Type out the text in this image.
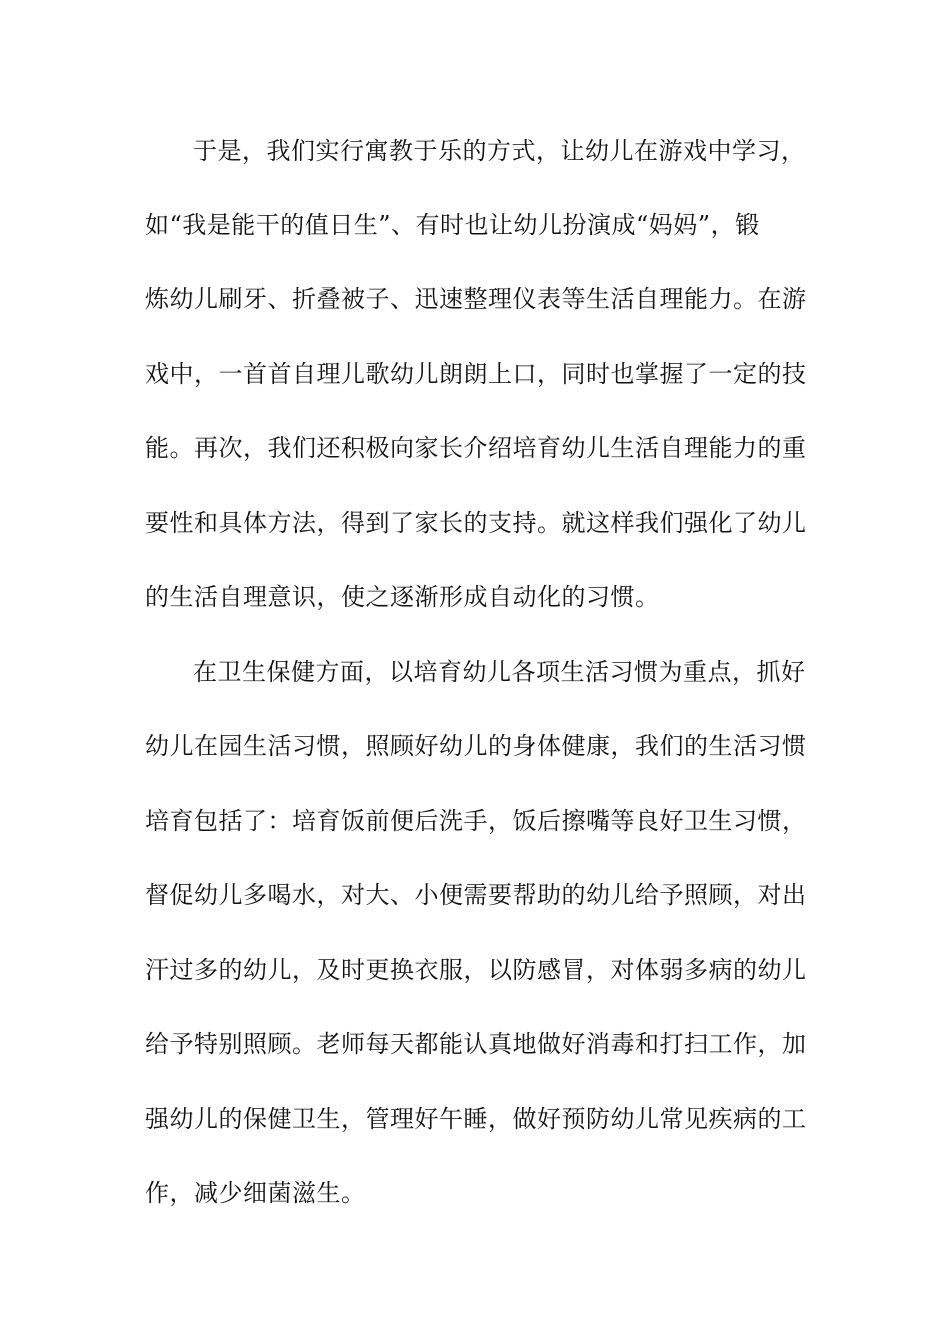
于是，我们实行寓教于乐的方式，让幼儿在游戏中学习，
如“我是能干的值日生”、有时也让幼儿扮演成“妈妈”，锻
炼幼儿刷牙、折叠被子、迅速整理仪表等生活自理能力。在游
戏中，一首首自理儿歌幼儿朗朗上口，同时也掌握了一定的技
能。再次，我们还积极向家长介绍培育幼儿生活自理能力的重
要性和具体方法，得到了家长的支持。就这样我们强化了幼儿
的生活自理意识，使之逐渐形成自动化的习惯。
在卫生保健方面，以培育幼儿各项生活习惯为重点，抓好
幼儿在园生活习惯，照顾好幼儿的身体健康，我们的生活习惯
培育包括了：培育饭前便后洗手，饭后擦嘴等良好卫生习惯，
督促幼儿多喝水，对大、小便需要帮助的幼儿给予照顾，对出
汗过多的幼儿，及时更换衣服，以防感冒，对体弱多病的幼儿
给予特别照顾。老师每天都能认真地做好消毒和打扫工作，加
强幼儿的保健卫生，管理好午睡，做好预防幼儿常见疾病的工
作，减少细菌滋生。
